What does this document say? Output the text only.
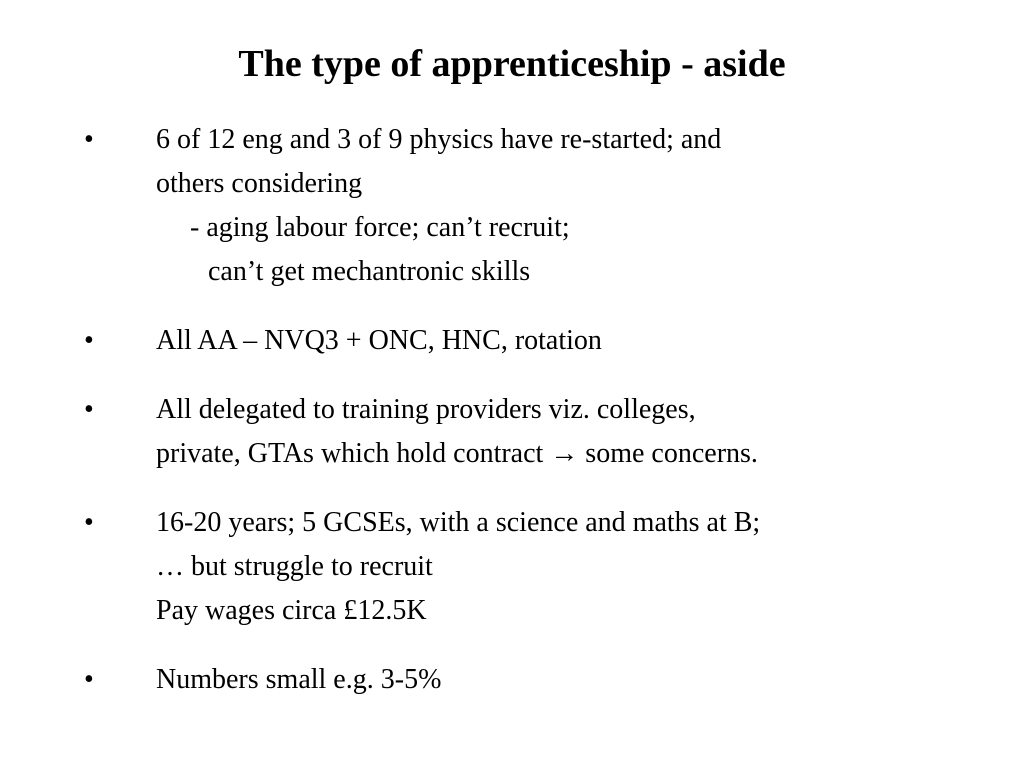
The type of apprenticeship - aside
• 6 of 12 eng and 3 of 9 physics have re-started; and
others considering
- aging labour force; can’t recruit;
can’t get mechantronic skills
• All AA – NVQ3 + ONC, HNC, rotation
• All delegated to training providers viz. colleges,
private, GTAs which hold contract → some concerns.
• 16-20 years; 5 GCSEs, with a science and maths at B;
… but struggle to recruit
Pay wages circa £12.5K
• Numbers small e.g. 3-5%
